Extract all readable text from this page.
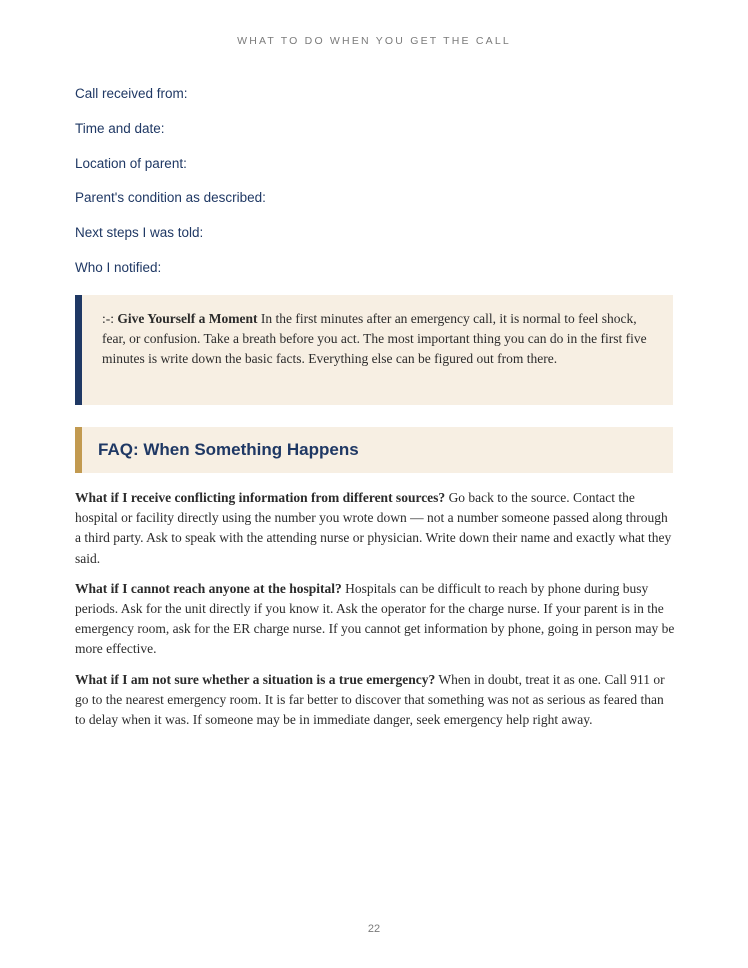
WHAT TO DO WHEN YOU GET THE CALL
Call received from:
Time and date:
Location of parent:
Parent's condition as described:
Next steps I was told:
Who I notified:
:-: Give Yourself a Moment In the first minutes after an emergency call, it is normal to feel shock, fear, or confusion. Take a breath before you act. The most important thing you can do in the first five minutes is write down the basic facts. Everything else can be figured out from there.
FAQ: When Something Happens

What if I receive conflicting information from different sources? Go back to the source. Contact the hospital or facility directly using the number you wrote down — not a number someone passed along through a third party. Ask to speak with the attending nurse or physician. Write down their name and exactly what they said.

What if I cannot reach anyone at the hospital? Hospitals can be difficult to reach by phone during busy periods. Ask for the unit directly if you know it. Ask the operator for the charge nurse. If your parent is in the emergency room, ask for the ER charge nurse. If you cannot get information by phone, going in person may be more effective.

What if I am not sure whether a situation is a true emergency? When in doubt, treat it as one. Call 911 or go to the nearest emergency room. It is far better to discover that something was not as serious as feared than to delay when it was. If someone may be in immediate danger, seek emergency help right away.

22
